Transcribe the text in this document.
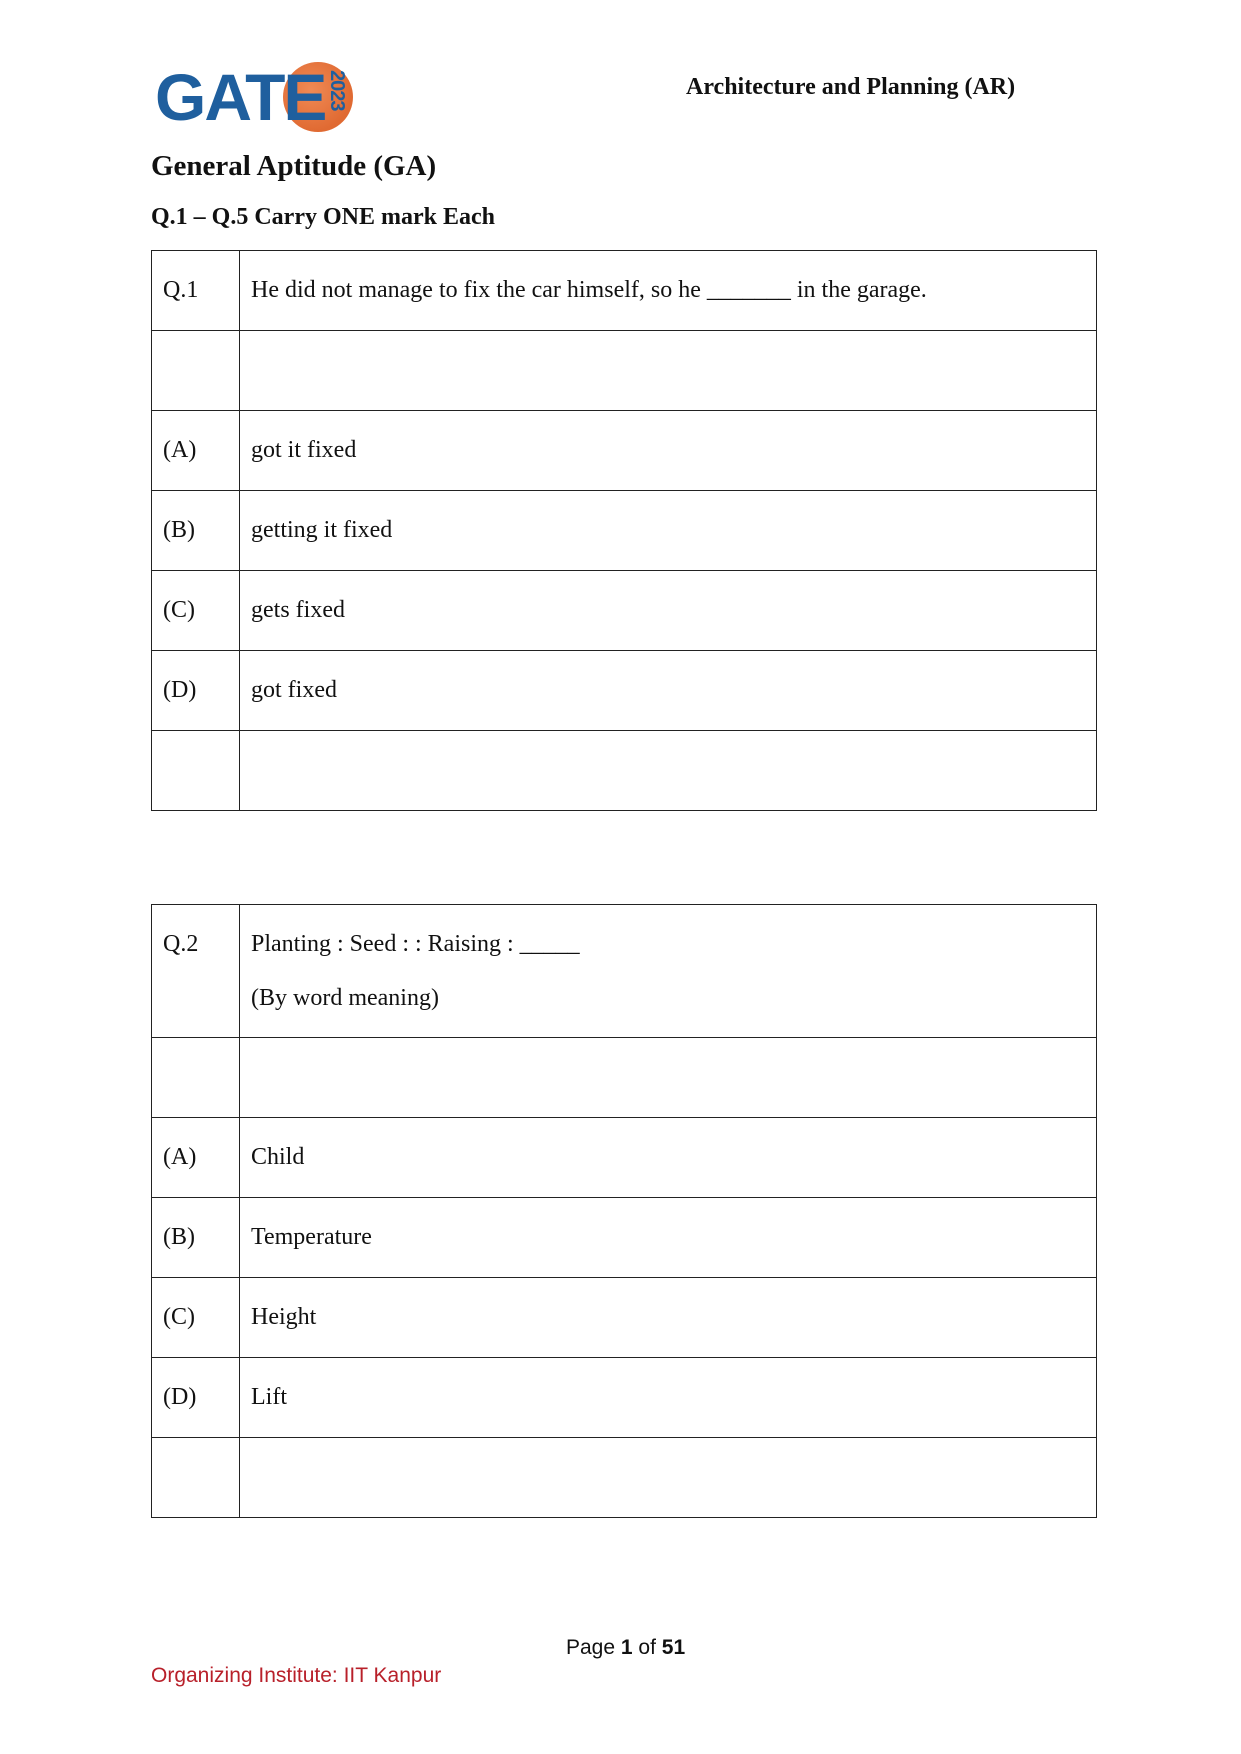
GATE 2023	Architecture and Planning (AR)
General Aptitude (GA)
Q.1 – Q.5 Carry ONE mark Each
Q.1	He did not manage to fix the car himself, so he _______ in the garage.

(A)	got it fixed
(B)	getting it fixed
(C)	gets fixed
(D)	got fixed

Q.2	Planting : Seed : : Raising : _____
(By word meaning)

(A)	Child
(B)	Temperature
(C)	Height
(D)	Lift

Page 1 of 51
Organizing Institute: IIT Kanpur
